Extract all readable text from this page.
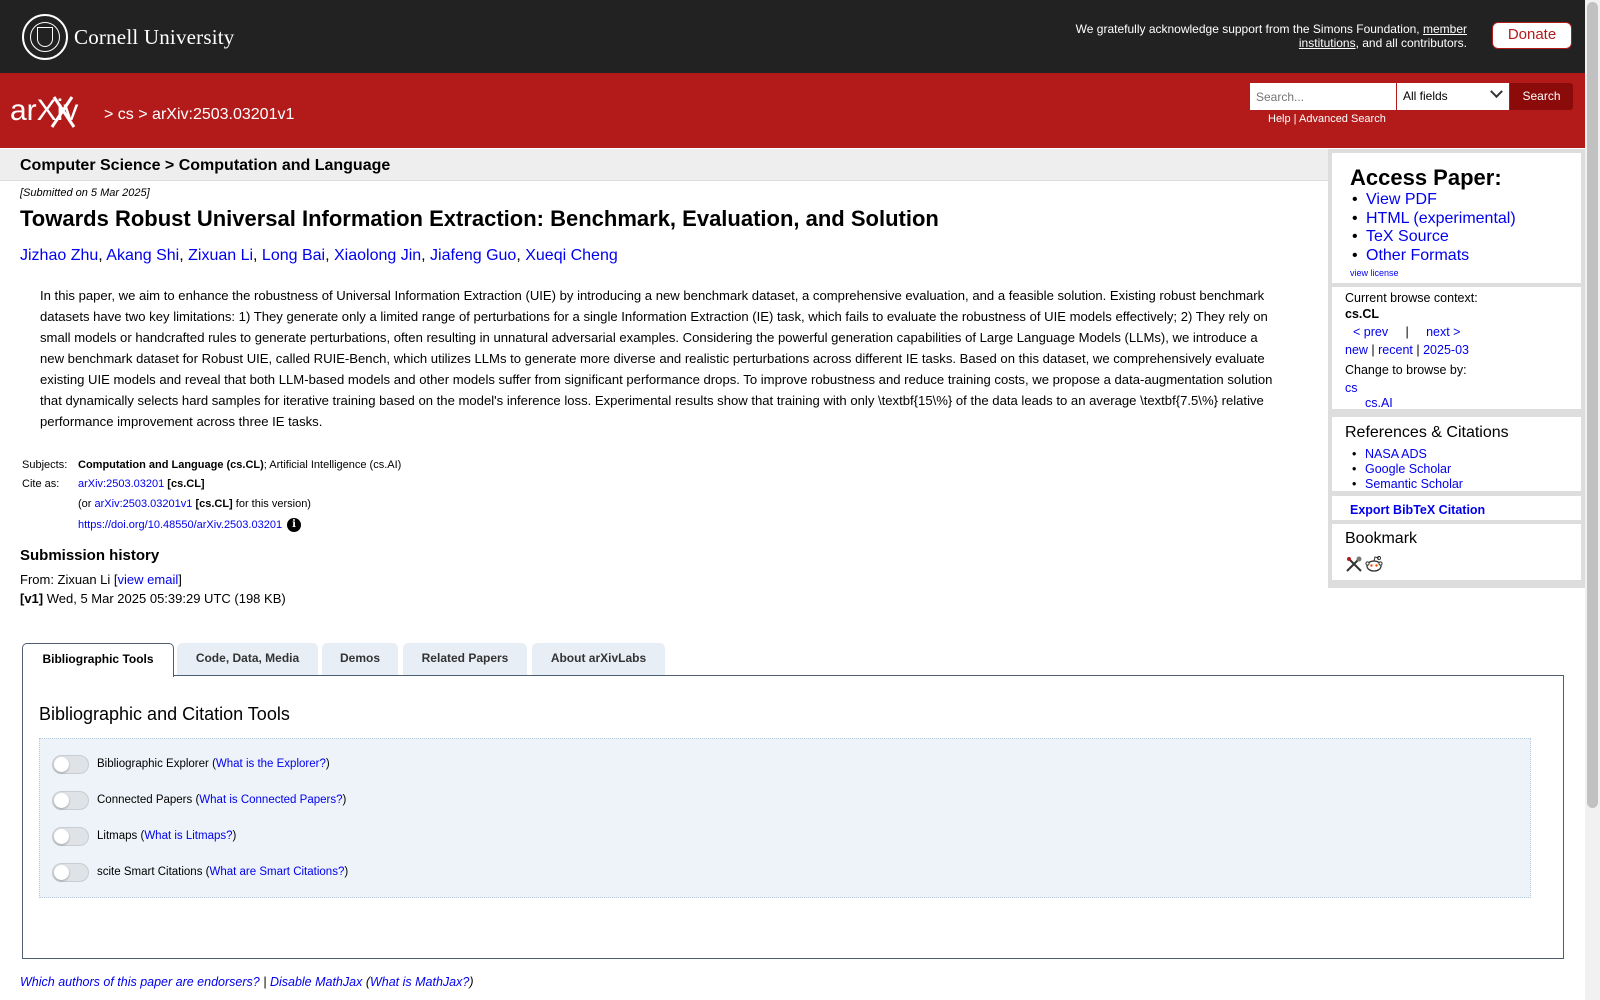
Cornell University	We gratefully acknowledge support from the Simons Foundation, member institutions, and all contributors.	Donate
arXiv > cs > arXiv:2503.03201v1
Search...
All fields	Search
Help | Advanced Search
Computer Science > Computation and Language
[Submitted on 5 Mar 2025]
Towards Robust Universal Information Extraction: Benchmark, Evaluation, and Solution
Jizhao Zhu, Akang Shi, Zixuan Li, Long Bai, Xiaolong Jin, Jiafeng Guo, Xueqi Cheng

In this paper, we aim to enhance the robustness of Universal Information Extraction (UIE) by introducing a new benchmark dataset, a comprehensive evaluation, and a feasible solution. Existing robust benchmark datasets have two key limitations: 1) They generate only a limited range of perturbations for a single Information Extraction (IE) task, which fails to evaluate the robustness of UIE models effectively; 2) They rely on small models or handcrafted rules to generate perturbations, often resulting in unnatural adversarial examples. Considering the powerful generation capabilities of Large Language Models (LLMs), we introduce a new benchmark dataset for Robust UIE, called RUIE-Bench, which utilizes LLMs to generate more diverse and realistic perturbations across different IE tasks. Based on this dataset, we comprehensively evaluate existing UIE models and reveal that both LLM-based models and other models suffer from significant performance drops. To improve robustness and reduce training costs, we propose a data-augmentation solution that dynamically selects hard samples for iterative training based on the model's inference loss. Experimental results show that training with only \textbf{15\%} of the data leads to an average \textbf{7.5\%} relative performance improvement across three IE tasks.

Subjects: Computation and Language (cs.CL); Artificial Intelligence (cs.AI)
Cite as:	arXiv:2503.03201 [cs.CL]
(or arXiv:2503.03201v1 [cs.CL] for this version)
https://doi.org/10.48550/arXiv.2503.03201 i
Submission history
From: Zixuan Li [view email]
[v1] Wed, 5 Mar 2025 05:39:29 UTC (198 KB)
Bibliographic Tools	Code, Data, Media	Demos	Related Papers	About arXivLabs
Bibliographic and Citation Tools
Bibliographic Explorer ( What is the Explorer? )
Connected Papers ( What is Connected Papers? )
Litmaps ( What is Litmaps? )
scite Smart Citations ( What are Smart Citations? )
Which authors of this paper are endorsers? | Disable MathJax (What is MathJax?)
Access Paper:
• View PDF
• HTML (experimental)
• TeX Source
• Other Formats
view license
Current browse context:
cs.CL
< prev     |     next >
new | recent | 2025-03
Change to browse by:
cs
cs.AI
References & Citations
• NASA ADS
• Google Scholar
• Semantic Scholar
Export BibTeX Citation
Bookmark
